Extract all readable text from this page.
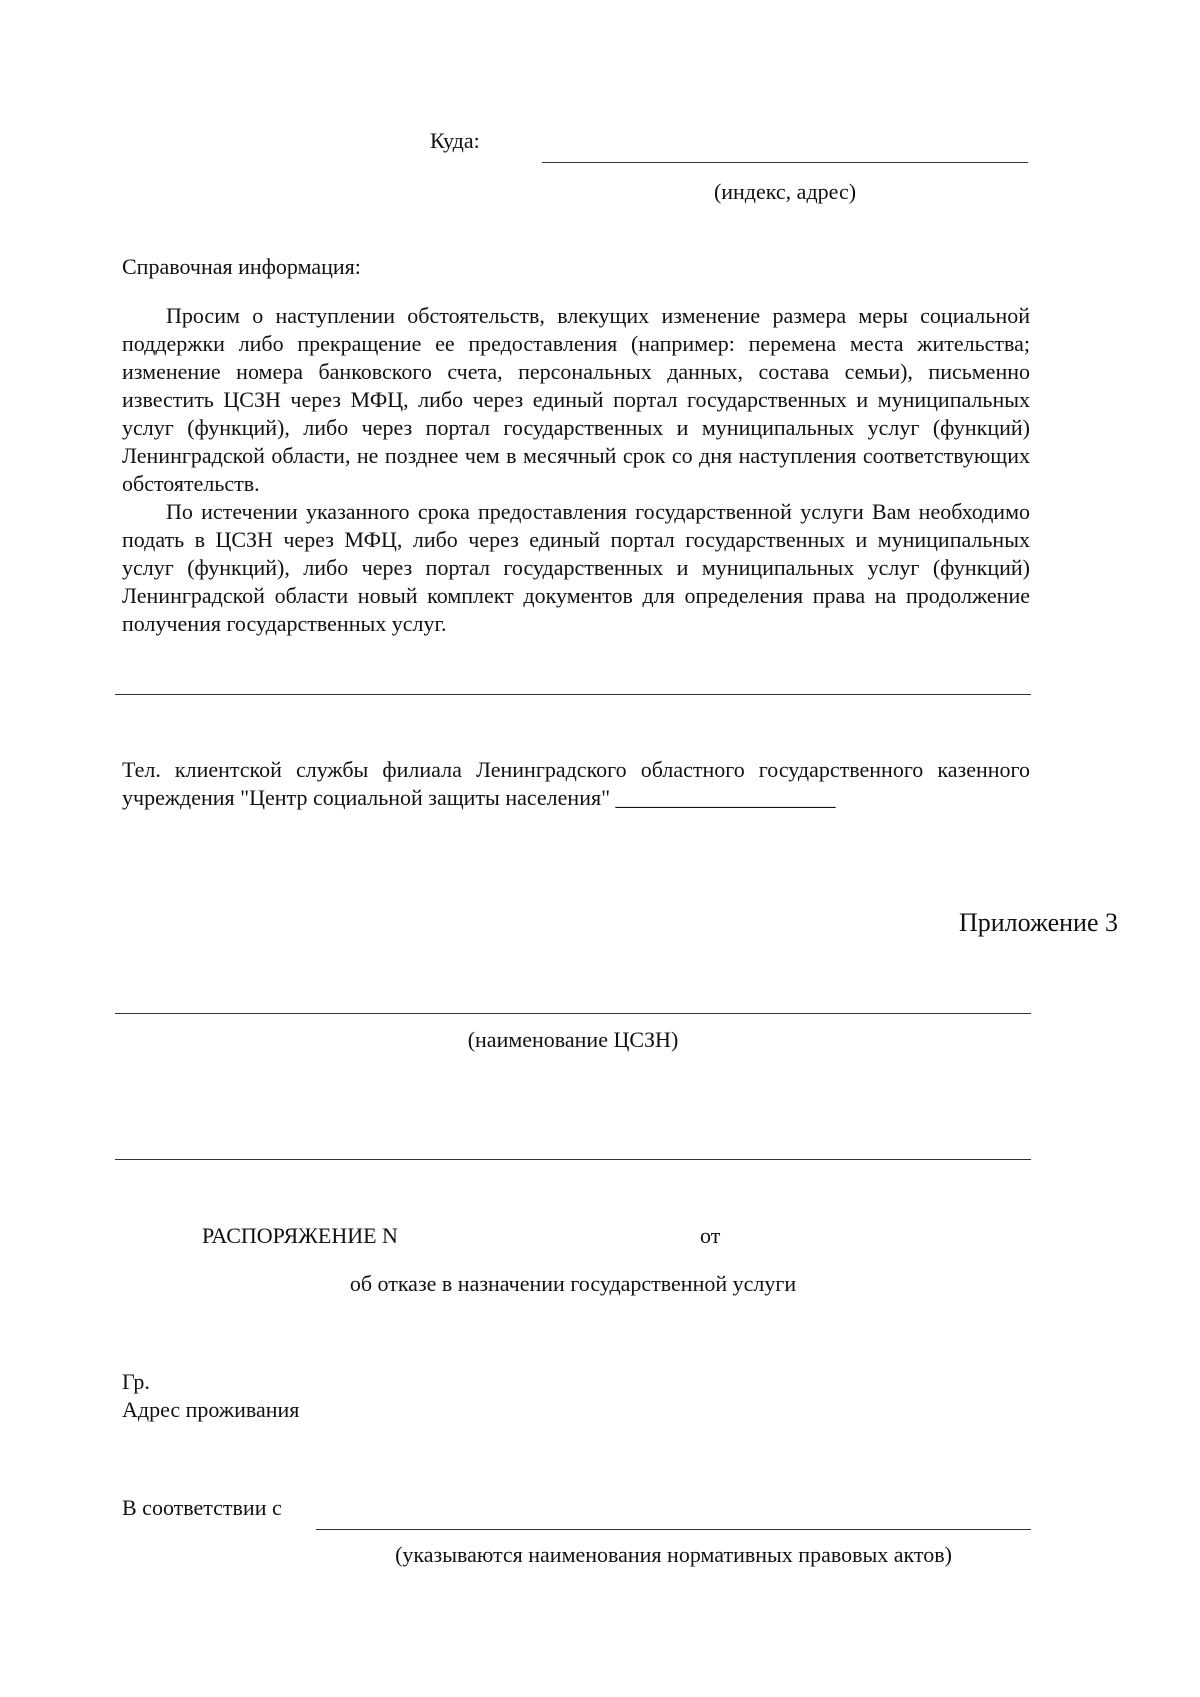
Куда:
(индекс, адрес)
Справочная информация:

Просим о наступлении обстоятельств, влекущих изменение размера меры социальной поддержки либо прекращение ее предоставления (например: перемена места жительства; изменение номера банковского счета, персональных данных, состава семьи), письменно известить ЦСЗН через МФЦ, либо через единый портал государственных и муниципальных услуг (функций), либо через портал государственных и муниципальных услуг (функций) Ленинградской области, не позднее чем в месячный срок со дня наступления соответствующих обстоятельств.

По истечении указанного срока предоставления государственной услуги Вам необходимо подать в ЦСЗН через МФЦ, либо через единый портал государственных и муниципальных услуг (функций), либо через портал государственных и муниципальных услуг (функций) Ленинградской области новый комплект документов для определения права на продолжение получения государственных услуг.

Тел. клиентской службы филиала Ленинградского областного государственного казенного учреждения "Центр социальной защиты населения" ____________________

Приложение 3
(наименование ЦСЗН)
РАСПОРЯЖЕНИЕ N	от
об отказе в назначении государственной услуги
Гр.
Адрес проживания
В соответствии с
(указываются наименования нормативных правовых актов)
